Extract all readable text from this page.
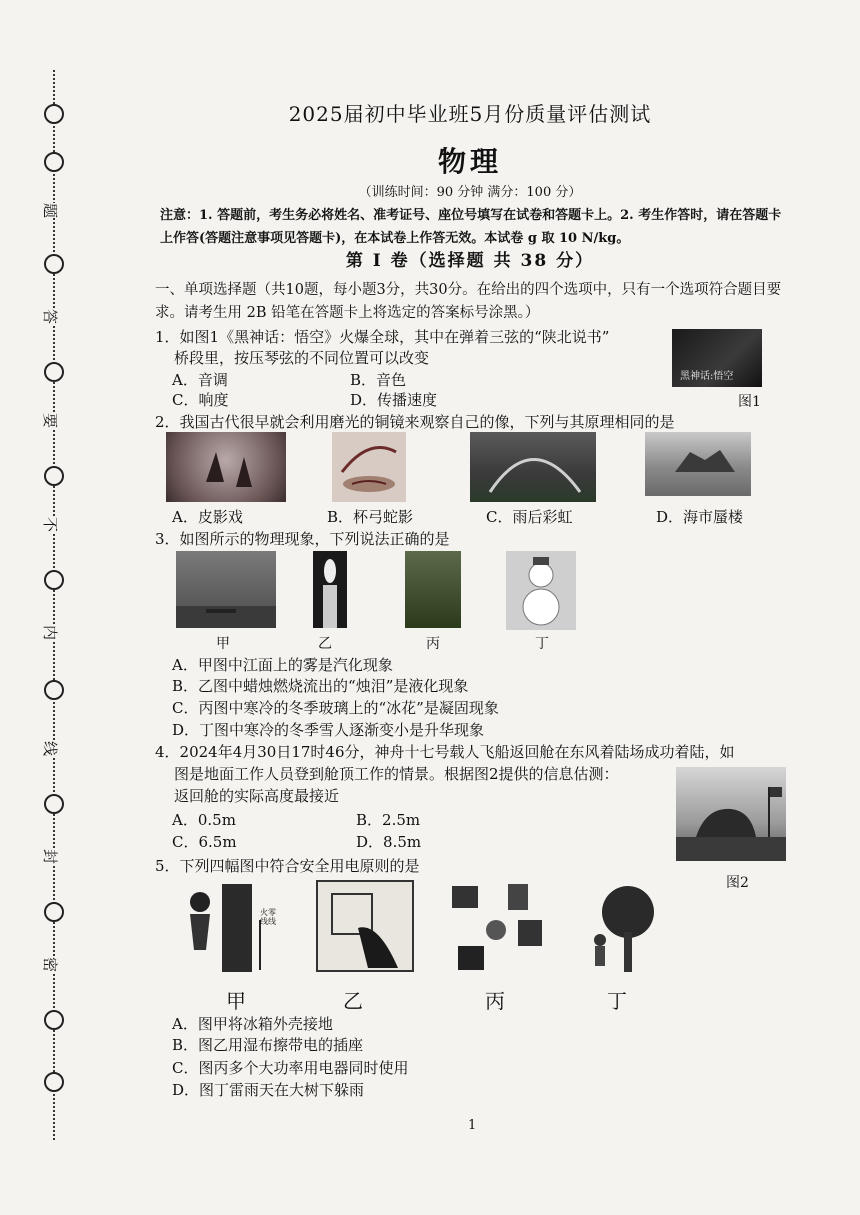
题
答
要
不
内
线
封
密
2025届初中毕业班5月份质量评估测试
物理
（训练时间：90 分钟 满分：100 分）
注意：1. 答题前，考生务必将姓名、准考证号、座位号填写在试卷和答题卡上。2. 考生作答时，请在答题卡上作答(答题注意事项见答题卡)，在本试卷上作答无效。本试卷 g 取 10 N/kg。
第 I 卷（选择题 共 38 分）
一、单项选择题（共10题，每小题3分，共30分。在给出的四个选项中，只有一个选项符合题目要求。请考生用 2B 铅笔在答题卡上将选定的答案标号涂黑。）
1．如图1《黑神话：悟空》火爆全球，其中在弹着三弦的“陕北说书”
桥段里，按压琴弦的不同位置可以改变
A．音调	B．音色
C．响度	D．传播速度
黑神话:悟空
图1
2．我国古代很早就会利用磨光的铜镜来观察自己的像，下列与其原理相同的是
A．皮影戏	B．杯弓蛇影	C．雨后彩虹	D．海市蜃楼
3．如图所示的物理现象，下列说法正确的是
甲	乙	丙	丁
A．甲图中江面上的雾是汽化现象
B．乙图中蜡烛燃烧流出的“烛泪”是液化现象
C．丙图中寒冷的冬季玻璃上的“冰花”是凝固现象
D．丁图中寒冷的冬季雪人逐渐变小是升华现象
4．2024年4月30日17时46分，神舟十七号载人飞船返回舱在东风着陆场成功着陆，如
图是地面工作人员登到舱顶工作的情景。根据图2提供的信息估测：
返回舱的实际高度最接近
A．0.5m	B．2.5m
C．6.5m	D．8.5m
图2
5．下列四幅图中符合安全用电原则的是
火零线线
甲	乙	丙	丁
A．图甲将冰箱外壳接地
B．图乙用湿布擦带电的插座
C．图丙多个大功率用电器同时使用
D．图丁雷雨天在大树下躲雨
1
